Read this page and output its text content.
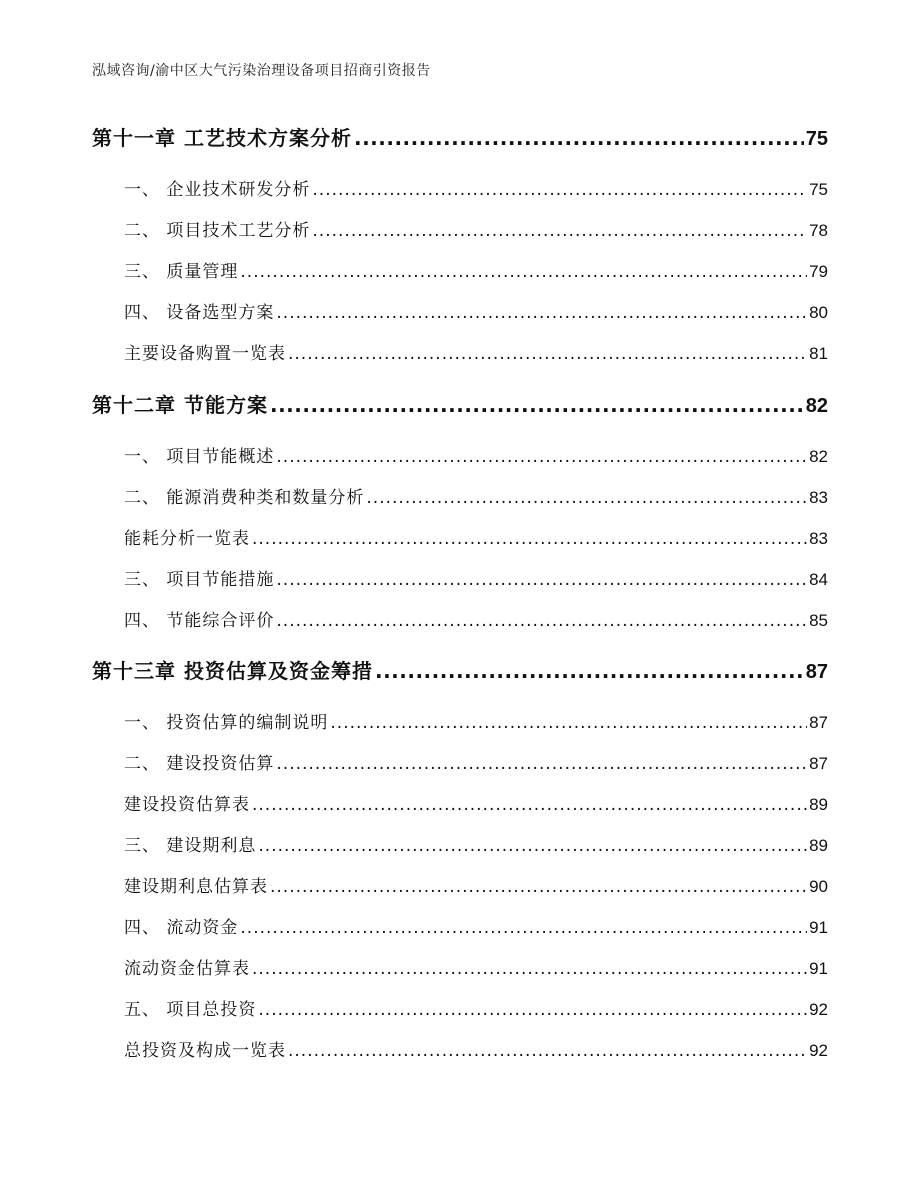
泓域咨询/渝中区大气污染治理设备项目招商引资报告
第十一章 工艺技术方案分析 .....	75
一、 企业技术研发分析 .....	75
二、 项目技术工艺分析 .....	78
三、 质量管理 .....	79
四、 设备选型方案 .....	80
主要设备购置一览表 .....	81
第十二章 节能方案 .....	82
一、 项目节能概述 .....	82
二、 能源消费种类和数量分析 .....	83
能耗分析一览表 .....	83
三、 项目节能措施 .....	84
四、 节能综合评价 .....	85
第十三章 投资估算及资金筹措 .....	87
一、 投资估算的编制说明 .....	87
二、 建设投资估算 .....	87
建设投资估算表 .....	89
三、 建设期利息 .....	89
建设期利息估算表 .....	90
四、 流动资金 .....	91
流动资金估算表 .....	91
五、 项目总投资 .....	92
总投资及构成一览表 .....	92
